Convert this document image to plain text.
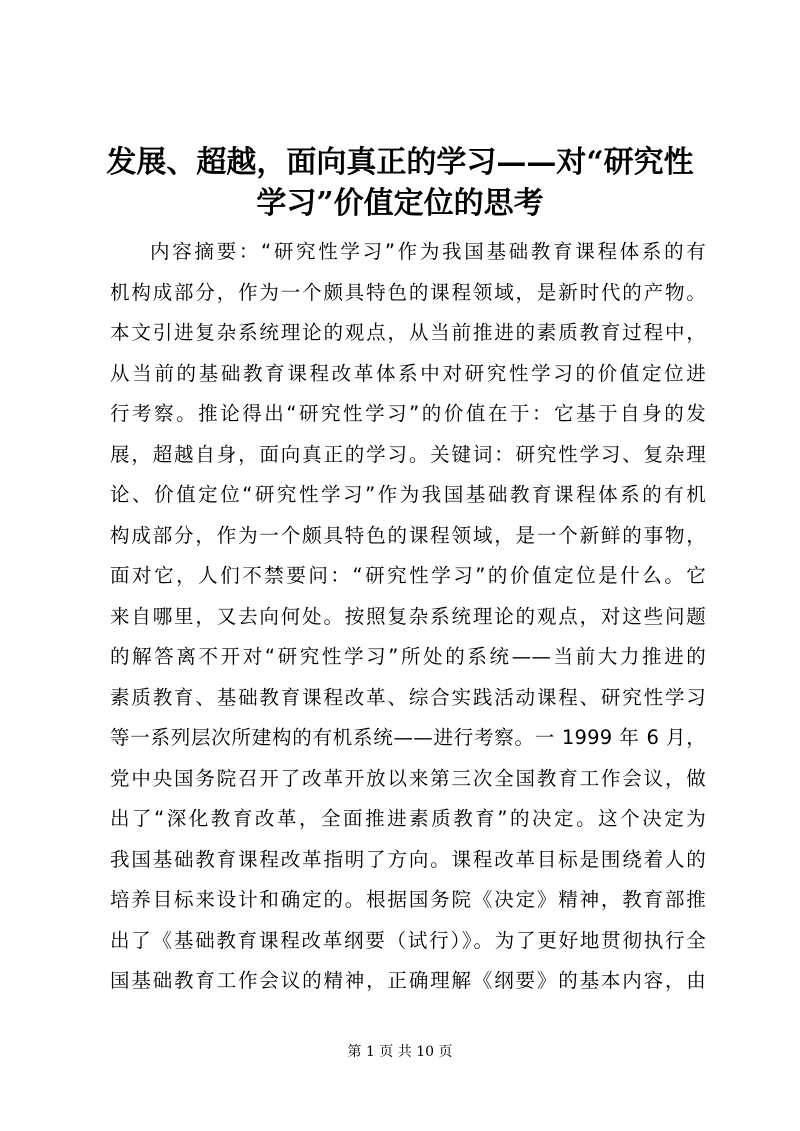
发展、超越，面向真正的学习——对“研究性
学习”价值定位的思考
内容摘要：“研究性学习”作为我国基础教育课程体系的有
机构成部分，作为一个颇具特色的课程领域，是新时代的产物。
本文引进复杂系统理论的观点，从当前推进的素质教育过程中，
从当前的基础教育课程改革体系中对研究性学习的价值定位进
行考察。推论得出“研究性学习”的价值在于：它基于自身的发
展，超越自身，面向真正的学习。关键词：研究性学习、复杂理
论、价值定位“研究性学习”作为我国基础教育课程体系的有机
构成部分，作为一个颇具特色的课程领域，是一个新鲜的事物，
面对它，人们不禁要问：“研究性学习”的价值定位是什么。它
来自哪里，又去向何处。按照复杂系统理论的观点，对这些问题
的解答离不开对“研究性学习”所处的系统——当前大力推进的
素质教育、基础教育课程改革、综合实践活动课程、研究性学习
等一系列层次所建构的有机系统——进行考察。一 1999 年 6 月，
党中央国务院召开了改革开放以来第三次全国教育工作会议，做
出了“深化教育改革，全面推进素质教育”的决定。这个决定为
我国基础教育课程改革指明了方向。课程改革目标是围绕着人的
培养目标来设计和确定的。根据国务院《决定》精神，教育部推
出了《基础教育课程改革纲要（试行）》。为了更好地贯彻执行全
国基础教育工作会议的精神，正确理解《纲要》的基本内容，由
第 1 页 共 10 页
